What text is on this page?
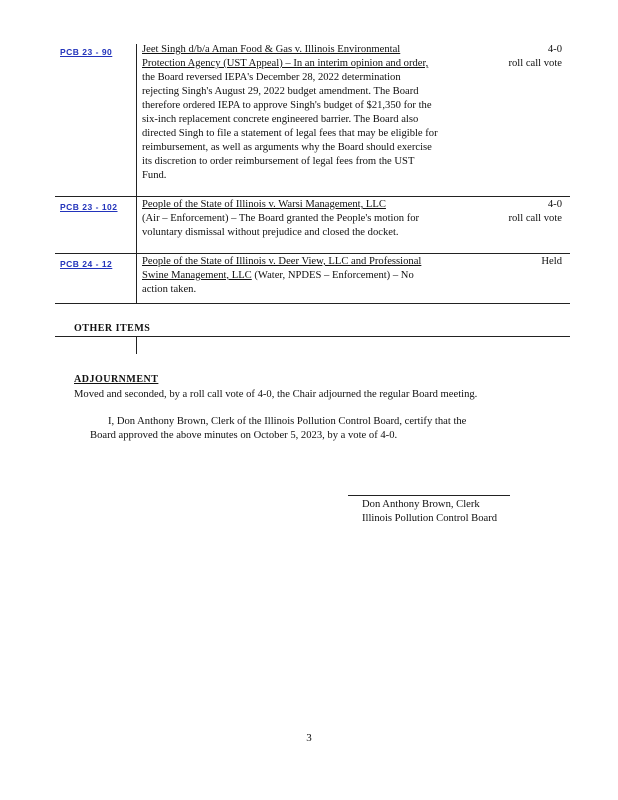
PCB 23 - 90	Jeet Singh d/b/a Aman Food & Gas v. Illinois Environmental
Protection Agency (UST Appeal) – In an interim opinion and order,
the Board reversed IEPA's December 28, 2022 determination
rejecting Singh's August 29, 2022 budget amendment. The Board
therefore ordered IEPA to approve Singh's budget of $21,350 for the
six-inch replacement concrete engineered barrier. The Board also
directed Singh to file a statement of legal fees that may be eligible for
reimbursement, as well as arguments why the Board should exercise
its discretion to order reimbursement of legal fees from the UST
Fund.
4-0
roll call vote
PCB 23 - 102 People of the State of Illinois v. Warsi Management, LLC
(Air – Enforcement) – The Board granted the People's motion for
voluntary dismissal without prejudice and closed the docket.
4-0
roll call vote
PCB 24 - 12	People of the State of Illinois v. Deer View, LLC and Professional
Swine Management, LLC (Water, NPDES – Enforcement) – No
action taken.
Held
OTHER ITEMS
ADJOURNMENT
Moved and seconded, by a roll call vote of 4-0, the Chair adjourned the regular Board meeting.
I, Don Anthony Brown, Clerk of the Illinois Pollution Control Board, certify that the
Board approved the above minutes on October 5, 2023, by a vote of 4-0.
Don Anthony Brown, Clerk
Illinois Pollution Control Board
3
